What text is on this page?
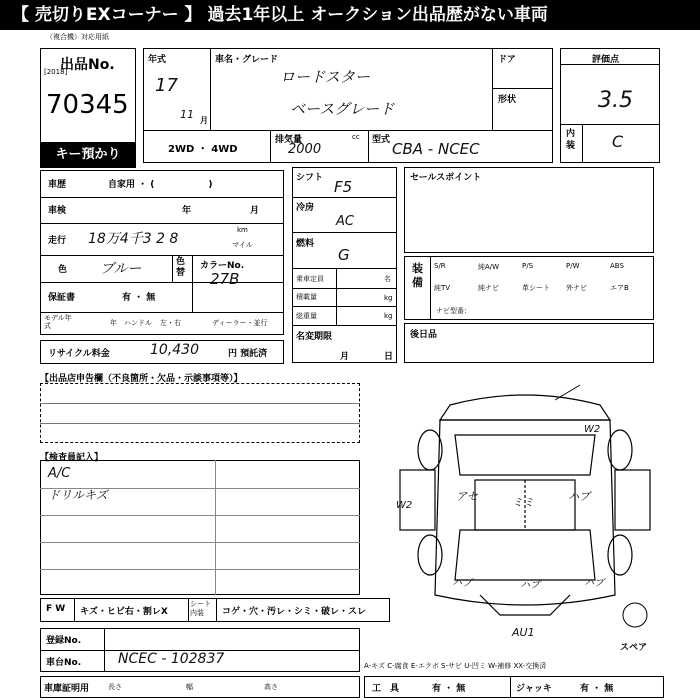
【 売切りEXコーナー 】 過去1年以上 オークション出品歴がない車両
（複合機）対応用紙
出品No.
[2018]
70345
キー預かり
年式
17
11 月
車名・グレード
ロードスター
ベースグレード
ドア
形状
2WD ・ 4WD
排気量	cc
2000
型式 CBA - NCEC
評価点
3.5
内装 C
車歴	自家用 ・ (　　　　　　)
車検	年	月
走行 18万4千3 2 8
km
マイル
色 ブルー	色替
カラーNo.
27B
保証書	有 ・ 無
モデル年式	年 ハンドル 左・右	ディーラー・並行
リサイクル料金	10,430	円 預託済
シフト F5
冷房
AC
燃料
G
乗車定員	名
積載量	kg
総重量	kg
名変期限
月	日
セールスポイント
装備
S/R	純A/W	P/S	P/W	ABS
純TV	純ナビ	革シート 外ナビ	エアB
ナビ型番：
後日品
【出品店申告欄（不良箇所・欠品・示談事項等）】
【検査員記入】
A/C
ドリルキズ	アセ	ミミ	ハブ
ハブ	ハブ	ハブ
W2
W2
AU1
スペア
F W キズ・ヒビ右・割レX
シート内装	コゲ・穴・汚レ・シミ・破レ・スレ
登録No.
車台No.	NCEC - 102837
車庫証明用	長さ	幅	高さ
A-キズ C-腐食 E-エクボ S-サビ U-凹ミ W-補修 XX-交換済
工　具	有 ・ 無	ジャッキ	有 ・ 無
